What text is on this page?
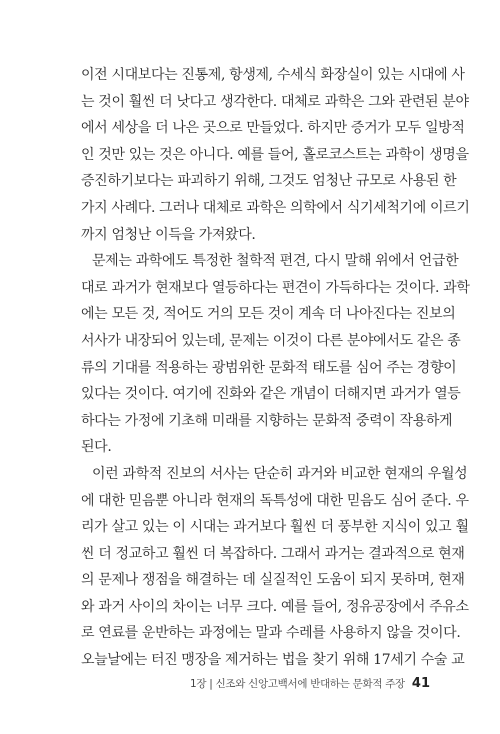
이전 시대보다는 진통제, 항생제, 수세식 화장실이 있는 시대에 사
는 것이 훨씬 더 낫다고 생각한다. 대체로 과학은 그와 관련된 분야
에서 세상을 더 나은 곳으로 만들었다. 하지만 증거가 모두 일방적
인 것만 있는 것은 아니다. 예를 들어, 홀로코스트는 과학이 생명을
증진하기보다는 파괴하기 위해, 그것도 엄청난 규모로 사용된 한
가지 사례다. 그러나 대체로 과학은 의학에서 식기세척기에 이르기
까지 엄청난 이득을 가져왔다.
문제는 과학에도 특정한 철학적 편견, 다시 말해 위에서 언급한
대로 과거가 현재보다 열등하다는 편견이 가득하다는 것이다. 과학
에는 모든 것, 적어도 거의 모든 것이 계속 더 나아진다는 진보의
서사가 내장되어 있는데, 문제는 이것이 다른 분야에서도 같은 종
류의 기대를 적용하는 광범위한 문화적 태도를 심어 주는 경향이
있다는 것이다. 여기에 진화와 같은 개념이 더해지면 과거가 열등
하다는 가정에 기초해 미래를 지향하는 문화적 중력이 작용하게
된다.
이런 과학적 진보의 서사는 단순히 과거와 비교한 현재의 우월성
에 대한 믿음뿐 아니라 현재의 독특성에 대한 믿음도 심어 준다. 우
리가 살고 있는 이 시대는 과거보다 훨씬 더 풍부한 지식이 있고 훨
씬 더 정교하고 훨씬 더 복잡하다. 그래서 과거는 결과적으로 현재
의 문제나 쟁점을 해결하는 데 실질적인 도움이 되지 못하며, 현재
와 과거 사이의 차이는 너무 크다. 예를 들어, 정유공장에서 주유소
로 연료를 운반하는 과정에는 말과 수레를 사용하지 않을 것이다.
오늘날에는 터진 맹장을 제거하는 법을 찾기 위해 17세기 수술 교
1장 | 신조와 신앙고백서에 반대하는 문화적 주장 41
